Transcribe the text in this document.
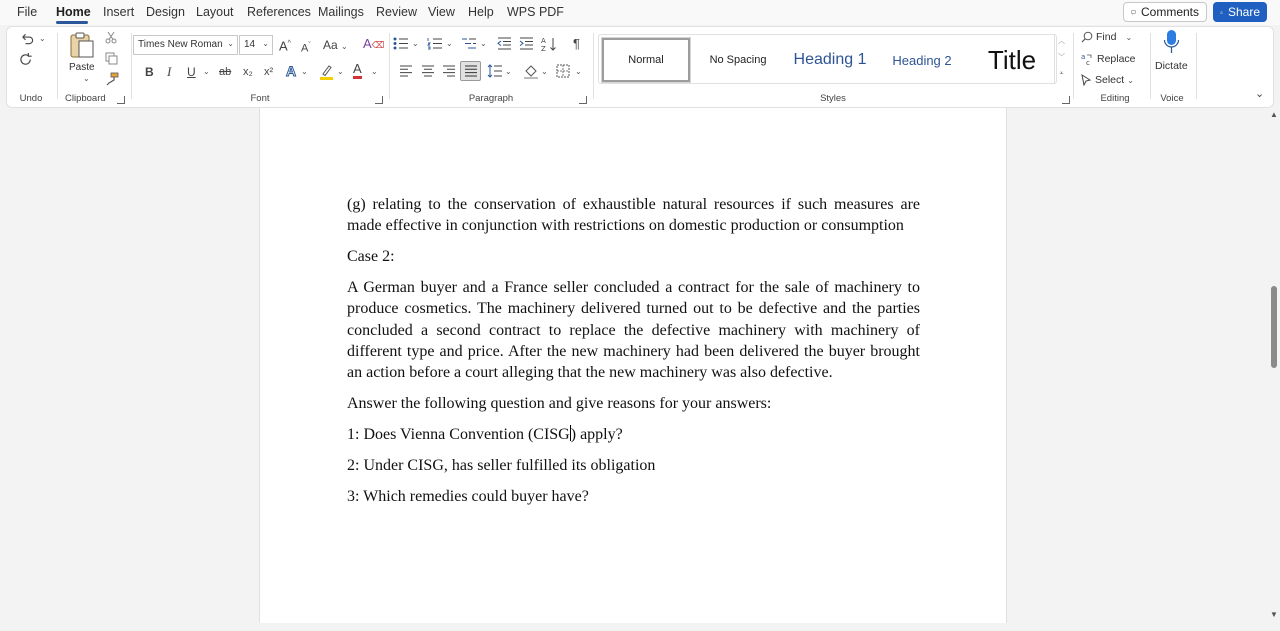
File Home Insert Design Layout References Mailings Review View Help WPS PDF	Comments Share
⌄
Undo
Paste
⌄
Clipboard
Times New Roman ⌄	14 ⌄ A^ $A^ˇ$ Aa ⌄ A⌫
B I U ⌄ ab x₂ x² A ⌄	⌄ A ⌄
Font
⌄	⌄	⌄	A
Z ¶
⌄	⌄	⌄
Paragraph
Normal	No Spacing Heading 1 Heading 2 Title
︿
﹀
⩡
Styles
Find ⌄
a
c Replace
Select ⌄
Editing
Dictate
Voice	⌄

(g) relating to the conservation of exhaustible natural resources if such measures are made effective in conjunction with restrictions on domestic production or consumption

Case 2:

A German buyer and a France seller concluded a contract for the sale of machinery to produce cosmetics. The machinery delivered turned out to be defective and the parties concluded a second contract to replace the defective machinery with machinery of different type and price. After the new machinery had been delivered the buyer brought an action before a court alleging that the new machinery was also defective.

Answer the following question and give reasons for your answers:

1: Does Vienna Convention (CISG) apply?

2: Under CISG, has seller fulfilled its obligation

3: Which remedies could buyer have?

▲
▼
